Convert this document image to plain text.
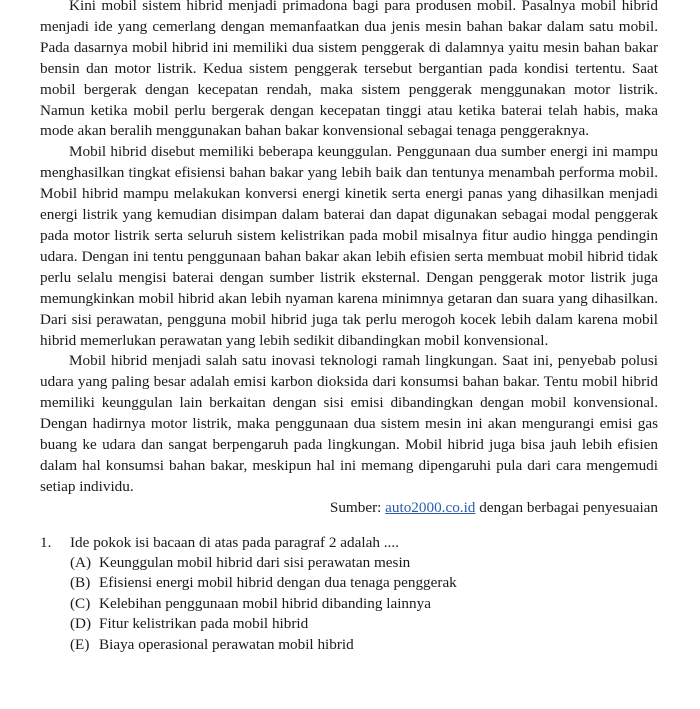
Kini mobil sistem hibrid menjadi primadona bagi para produsen mobil. Pasalnya mobil hibrid menjadi ide yang cemerlang dengan memanfaatkan dua jenis mesin bahan bakar dalam satu mobil. Pada dasarnya mobil hibrid ini memiliki dua sistem penggerak di dalamnya yaitu mesin bahan bakar bensin dan motor listrik. Kedua sistem penggerak tersebut bergantian pada kondisi tertentu. Saat mobil bergerak dengan kecepatan rendah, maka sistem penggerak menggunakan motor listrik. Namun ketika mobil perlu bergerak dengan kecepatan tinggi atau ketika baterai telah habis, maka mode akan beralih menggunakan bahan bakar konvensional sebagai tenaga penggeraknya.

Mobil hibrid disebut memiliki beberapa keunggulan. Penggunaan dua sumber energi ini mampu menghasilkan tingkat efisiensi bahan bakar yang lebih baik dan tentunya menambah performa mobil. Mobil hibrid mampu melakukan konversi energi kinetik serta energi panas yang dihasilkan menjadi energi listrik yang kemudian disimpan dalam baterai dan dapat digunakan sebagai modal penggerak pada motor listrik serta seluruh sistem kelistrikan pada mobil misalnya fitur audio hingga pendingin udara. Dengan ini tentu penggunaan bahan bakar akan lebih efisien serta membuat mobil hibrid tidak perlu selalu mengisi baterai dengan sumber listrik eksternal. Dengan penggerak motor listrik juga memungkinkan mobil hibrid akan lebih nyaman karena minimnya getaran dan suara yang dihasilkan. Dari sisi perawatan, pengguna mobil hibrid juga tak perlu merogoh kocek lebih dalam karena mobil hibrid memerlukan perawatan yang lebih sedikit dibandingkan mobil konvensional.

Mobil hibrid menjadi salah satu inovasi teknologi ramah lingkungan. Saat ini, penyebab polusi udara yang paling besar adalah emisi karbon dioksida dari konsumsi bahan bakar. Tentu mobil hibrid memiliki keunggulan lain berkaitan dengan sisi emisi dibandingkan dengan mobil konvensional. Dengan hadirnya motor listrik, maka penggunaan dua sistem mesin ini akan mengurangi emisi gas buang ke udara dan sangat berpengaruh pada lingkungan. Mobil hibrid juga bisa jauh lebih efisien dalam hal konsumsi bahan bakar, meskipun hal ini memang dipengaruhi pula dari cara mengemudi setiap individu.

Sumber: auto2000.co.id dengan berbagai penyesuaian

1.	Ide pokok isi bacaan di atas pada paragraf 2 adalah ....
(A) Keunggulan mobil hibrid dari sisi perawatan mesin
(B) Efisiensi energi mobil hibrid dengan dua tenaga penggerak
(C) Kelebihan penggunaan mobil hibrid dibanding lainnya
(D) Fitur kelistrikan pada mobil hibrid
(E) Biaya operasional perawatan mobil hibrid
